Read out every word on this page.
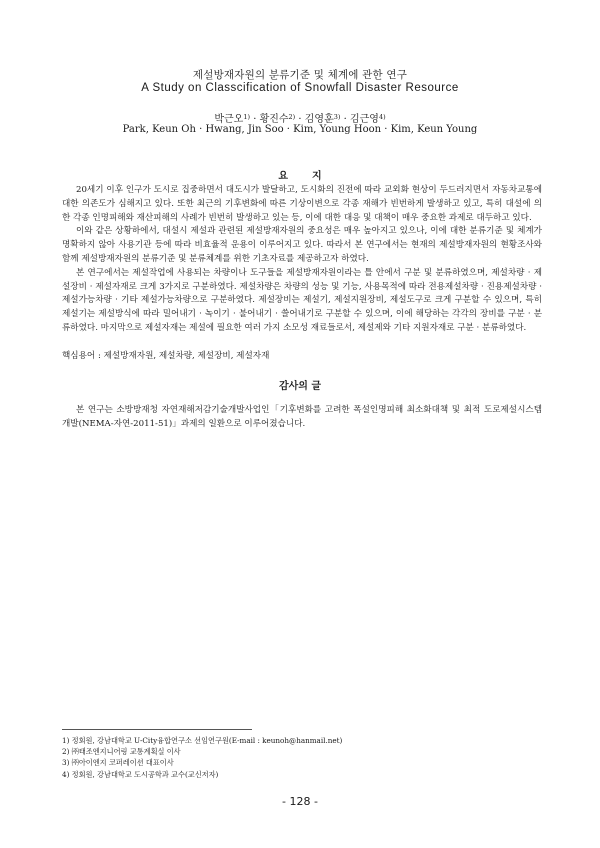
제설방재자원의 분류기준 및 체계에 관한 연구
A Study on Classcification of Snowfall Disaster Resource
박근오$^{1)}$ · 황진수$^{2)}$ · 김영훈$^{3)}$ · 김근영$^{4)}$
Park, Keun Oh · Hwang, Jin Soo · Kim, Young Hoon · Kim, Keun Young
요지

20세기 이후 인구가 도시로 집중하면서 대도시가 발달하고, 도시화의 진전에 따라 교외화 현상이 두드러지면서 자동차교통에 대한 의존도가 심해지고 있다. 또한 최근의 기후변화에 따른 기상이변으로 각종 재해가 빈번하게 발생하고 있고, 특히 대설에 의한 각종 인명피해와 재산피해의 사례가 빈번히 발생하고 있는 등, 이에 대한 대응 및 대책이 매우 중요한 과제로 대두하고 있다.

이와 같은 상황하에서, 대설시 제설과 관련된 제설방재자원의 중요성은 매우 높아지고 있으나, 이에 대한 분류기준 및 체계가 명확하지 않아 사용기관 등에 따라 비효율적 운용이 이루어지고 있다. 따라서 본 연구에서는 현재의 제설방재자원의 현황조사와 함께 제설방재자원의 분류기준 및 분류체계를 위한 기초자료를 제공하고자 하였다.

본 연구에서는 제설작업에 사용되는 차량이나 도구들을 제설방재자원이라는 틀 안에서 구분 및 분류하였으며, 제설차량 · 제설장비 · 제설자재로 크게 3가지로 구분하였다. 제설차량은 차량의 성능 및 기능, 사용목적에 따라 전용제설차량 · 진용제설차량 · 제설가능차량 · 기타 제설가능차량으로 구분하였다. 제설장비는 제설기, 제설지원장비, 제설도구로 크게 구분할 수 있으며, 특히 제설기는 제설방식에 따라 밀어내기 · 녹이기 · 불어내기 · 쓸어내기로 구분할 수 있으며, 이에 해당하는 각각의 장비를 구분 · 분류하였다. 마지막으로 제설자재는 제설에 필요한 여러 가지 소모성 재료들로서, 제설제와 기타 지원자재로 구분 · 분류하였다.

핵심용어 : 제설방재자원, 제설차량, 제설장비, 제설자재
감사의 글

본 연구는 소방방재청 자연재해저감기술개발사업인「기후변화를 고려한 폭설인명피해 최소화대책 및 최적 도로제설시스템 개발(NEMA-자연-2011-51)」과제의 일환으로 이루어졌습니다.

1) 정회원, 강남대학교 U-City융합연구소 선임연구원(E-mail : keunoh@hanmail.net)
2) ㈜태조엔지니어링 교통계획실 이사
3) ㈜아이엔지 코퍼레이션 대표이사
4) 정회원, 강남대학교 도시공학과 교수(교신저자)
- 128 -
